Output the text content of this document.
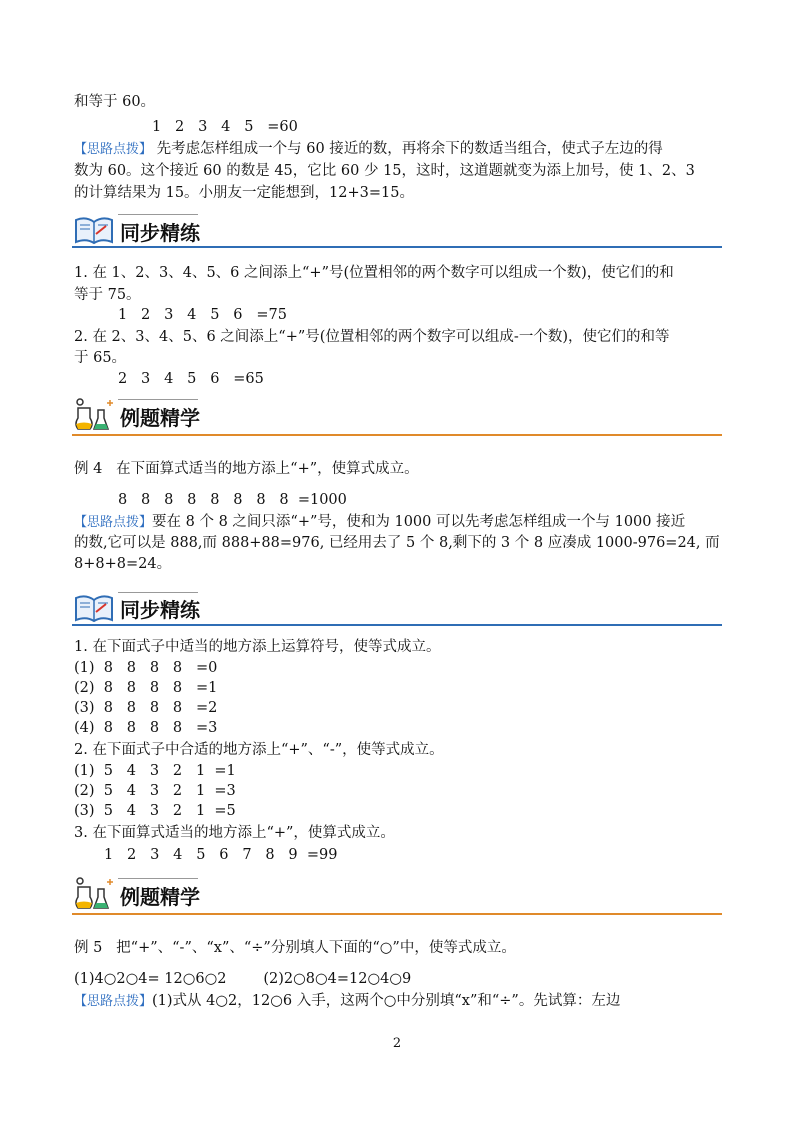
和等于 60。
1   2   3   4   5   =60
【思路点拨】 先考虑怎样组成一个与 60 接近的数，再将余下的数适当组合，使式子左边的得
数为 60。这个接近 60 的数是 45，它比 60 少 15，这时，这道题就变为添上加号，使 1、2、3
的计算结果为 15。小朋友一定能想到，12+3=15。
同步精练
1. 在 1、2、3、4、5、6 之间添上“+”号(位置相邻的两个数字可以组成一个数)，使它们的和
等于 75。
1   2   3   4   5   6   =75
2. 在 2、3、4、5、6 之间添上“+”号(位置相邻的两个数字可以组成-一个数)，使它们的和等
于 65。
2   3   4   5   6   =65
例题精学
例 4   在下面算式适当的地方添上“+”，使算式成立。
8   8   8   8   8   8   8   8  =1000
【思路点拨】要在 8 个 8 之间只添“+”号，使和为 1000 可以先考虑怎样组成一个与 1000 接近
的数,它可以是 888,而 888+88=976, 已经用去了 5 个 8,剩下的 3 个 8 应凑成 1000-976=24, 而
8+8+8=24。
同步精练
1. 在下面式子中适当的地方添上运算符号，使等式成立。
(1)  8   8   8   8   =0
(2)  8   8   8   8   =1
(3)  8   8   8   8   =2
(4)  8   8   8   8   =3
2. 在下面式子中合适的地方添上“+”、“-”，使等式成立。
(1)  5   4   3   2   1  =1
(2)  5   4   3   2   1  =3
(3)  5   4   3   2   1  =5
3. 在下面算式适当的地方添上“+”，使算式成立。
1   2   3   4   5   6   7   8   9  =99
例题精学
例 5   把“+”、“-”、“x”、“÷”分别填人下面的“○”中，使等式成立。
(1)4○2○4= 12○6○2        (2)2○8○4=12○4○9
【思路点拨】(1)式从 4○2，12○6 入手，这两个○中分别填“x”和“÷”。先试算：左边
2
